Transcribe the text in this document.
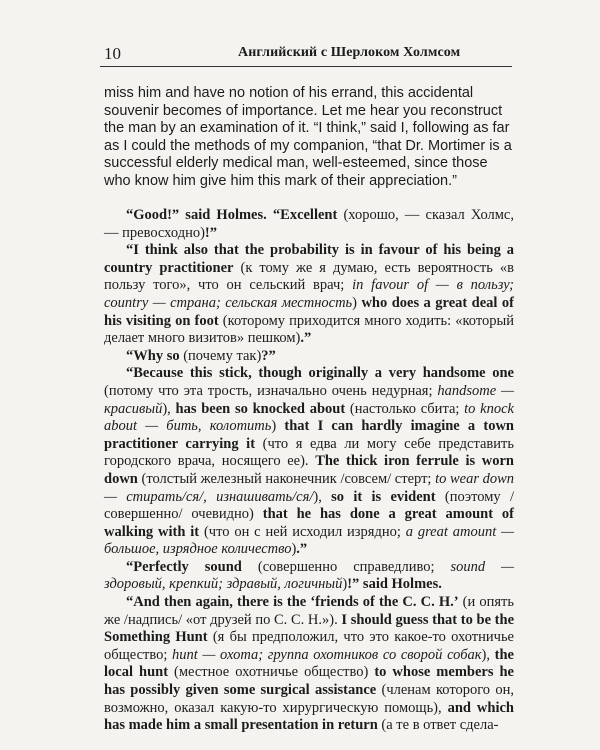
10	Английский с Шерлоком Холмсом

miss him and have no notion of his errand, this accidental souvenir becomes of importance. Let me hear you reconstruct the man by an examination of it. “I think,” said I, following as far as I could the methods of my companion, “that Dr. Mortimer is a successful elderly medical man, well-esteemed, since those who know him give him this mark of their appreciation.”

“Good!” said Holmes. “Excellent (хорошо, — сказал Холмс, — превосходно)!”

“I think also that the probability is in favour of his being a country practitioner (к тому же я думаю, есть вероятность «в пользу того», что он сельский врач; in favour of — в пользу; country — страна; сельская местность) who does a great deal of his visiting on foot (которому приходится много ходить: «который делает много визитов» пешком).”

“Why so (почему так)?”

“Because this stick, though originally a very handsome one (потому что эта трость, изначально очень недурная; handsome — красивый), has been so knocked about (настолько сбита; to knock about — бить, колотить) that I can hardly imagine a town practitioner carrying it (что я едва ли могу себе представить городского врача, носящего ее). The thick iron ferrule is worn down (толстый железный наконечник /совсем/ стерт; to wear down — стирать/ся/, изнашивать/ся/), so it is evident (поэтому /совершенно/ очевидно) that he has done a great amount of walking with it (что он с ней исходил изрядно; a great amount — большое, изрядное количество).”

“Perfectly sound (совершенно справедливо; sound — здоровый, крепкий; здравый, логичный)!” said Holmes.

“And then again, there is the ‘friends of the C. C. H.’ (и опять же /надпись/ «от друзей по С. С. Н.»). I should guess that to be the Something Hunt (я бы предположил, что это какое-то охотничье общество; hunt — охота; группа охотников со сворой собак), the local hunt (местное охотничье общество) to whose members he has possibly given some surgical assistance (членам которого он, возможно, оказал какую-то хирургическую помощь), and which has made him a small presentation in return (а те в ответ сдела-
